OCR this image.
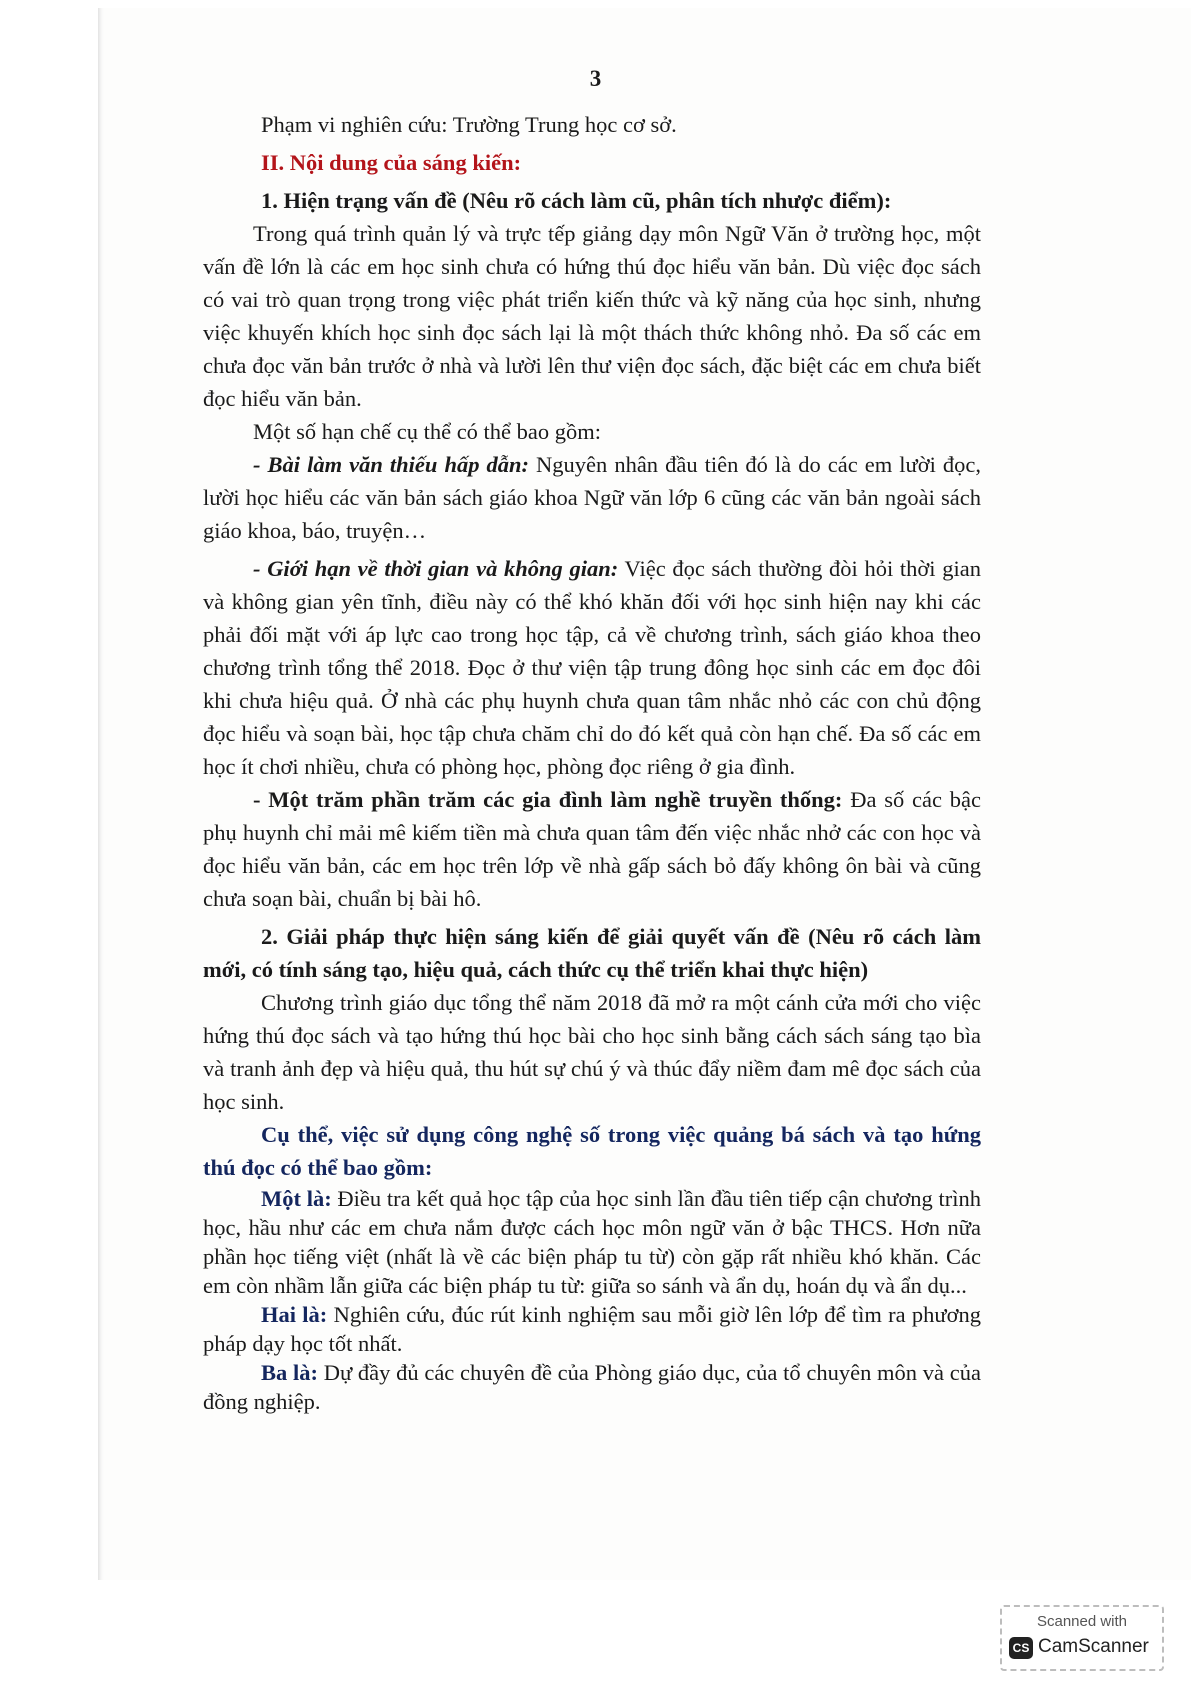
3

Phạm vi nghiên cứu: Trường Trung học cơ sở.

II. Nội dung của sáng kiến:

1. Hiện trạng vấn đề (Nêu rõ cách làm cũ, phân tích nhược điểm):

Trong quá trình quản lý và trực tếp giảng dạy môn Ngữ Văn ở trường học, một vấn đề lớn là các em học sinh chưa có hứng thú đọc hiểu văn bản. Dù việc đọc sách có vai trò quan trọng trong việc phát triển kiến thức và kỹ năng của học sinh, nhưng việc khuyến khích học sinh đọc sách lại là một thách thức không nhỏ. Đa số các em chưa đọc văn bản trước ở nhà và lười lên thư viện đọc sách, đặc biệt các em chưa biết đọc hiểu văn bản.

Một số hạn chế cụ thể có thể bao gồm:

- Bài làm văn thiếu hấp dẫn: Nguyên nhân đầu tiên đó là do các em lười đọc, lười học hiểu các văn bản sách giáo khoa Ngữ văn lớp 6 cũng các văn bản ngoài sách giáo khoa, báo, truyện…

- Giới hạn về thời gian và không gian: Việc đọc sách thường đòi hỏi thời gian và không gian yên tĩnh, điều này có thể khó khăn đối với học sinh hiện nay khi các phải đối mặt với áp lực cao trong học tập, cả về chương trình, sách giáo khoa theo chương trình tổng thể 2018. Đọc ở thư viện tập trung đông học sinh các em đọc đôi khi chưa hiệu quả. Ở nhà các phụ huynh chưa quan tâm nhắc nhỏ các con chủ động đọc hiểu và soạn bài, học tập chưa chăm chỉ do đó kết quả còn hạn chế. Đa số các em học ít chơi nhiều, chưa có phòng học, phòng đọc riêng ở gia đình.

- Một trăm phần trăm các gia đình làm nghề truyền thống: Đa số các bậc phụ huynh chỉ mải mê kiếm tiền mà chưa quan tâm đến việc nhắc nhở các con học và đọc hiểu văn bản, các em học trên lớp về nhà gấp sách bỏ đấy không ôn bài và cũng chưa soạn bài, chuẩn bị bài hô.

2. Giải pháp thực hiện sáng kiến để giải quyết vấn đề (Nêu rõ cách làm mới, có tính sáng tạo, hiệu quả, cách thức cụ thể triển khai thực hiện)

Chương trình giáo dục tổng thể năm 2018 đã mở ra một cánh cửa mới cho việc hứng thú đọc sách và tạo hứng thú học bài cho học sinh bằng cách sách sáng tạo bìa và tranh ảnh đẹp và hiệu quả, thu hút sự chú ý và thúc đẩy niềm đam mê đọc sách của học sinh.

Cụ thể, việc sử dụng công nghệ số trong việc quảng bá sách và tạo hứng thú đọc có thể bao gồm:

Một là: Điều tra kết quả học tập của học sinh lần đầu tiên tiếp cận chương trình học, hầu như các em chưa nắm được cách học môn ngữ văn ở bậc THCS. Hơn nữa phần học tiếng việt (nhất là về các biện pháp tu từ) còn gặp rất nhiều khó khăn. Các em còn nhầm lẫn giữa các biện pháp tu từ: giữa so sánh và ẩn dụ, hoán dụ và ẩn dụ...

Hai là: Nghiên cứu, đúc rút kinh nghiệm sau mỗi giờ lên lớp để tìm ra phương pháp dạy học tốt nhất.

Ba là: Dự đầy đủ các chuyên đề của Phòng giáo dục, của tổ chuyên môn và của đồng nghiệp.

Scanned with
CS CamScanner
